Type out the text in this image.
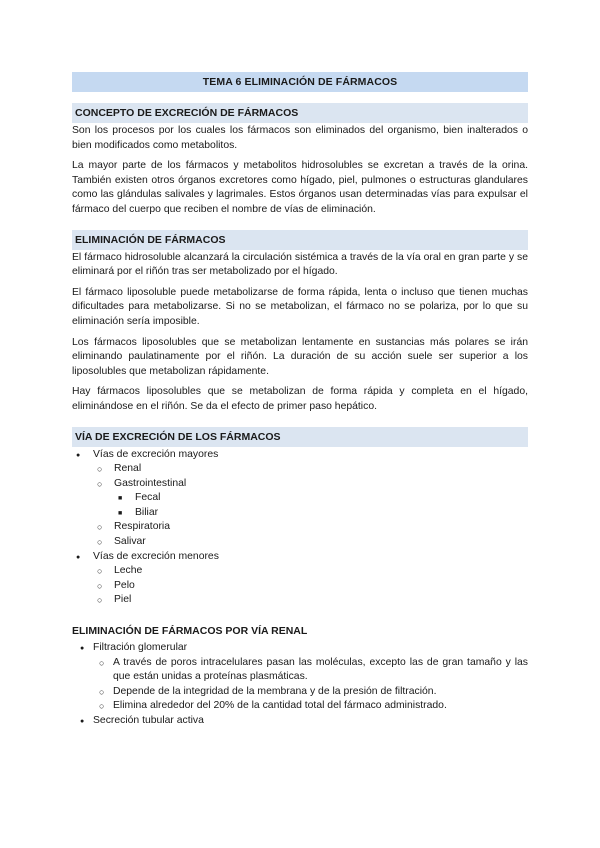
TEMA 6 ELIMINACIÓN DE FÁRMACOS
CONCEPTO DE EXCRECIÓN DE FÁRMACOS

Son los procesos por los cuales los fármacos son eliminados del organismo, bien inalterados o bien modificados como metabolitos.

La mayor parte de los fármacos y metabolitos hidrosolubles se excretan a través de la orina. También existen otros órganos excretores como hígado, piel, pulmones o estructuras glandulares como las glándulas salivales y lagrimales. Estos órganos usan determinadas vías para expulsar el fármaco del cuerpo que reciben el nombre de vías de eliminación.

ELIMINACIÓN DE FÁRMACOS

El fármaco hidrosoluble alcanzará la circulación sistémica a través de la vía oral en gran parte y se eliminará por el riñón tras ser metabolizado por el hígado.

El fármaco liposoluble puede metabolizarse de forma rápida, lenta o incluso que tienen muchas dificultades para metabolizarse. Si no se metabolizan, el fármaco no se polariza, por lo que su eliminación sería imposible.

Los fármacos liposolubles que se metabolizan lentamente en sustancias más polares se irán eliminando paulatinamente por el riñón. La duración de su acción suele ser superior a los liposolubles que metabolizan rápidamente.

Hay fármacos liposolubles que se metabolizan de forma rápida y completa en el hígado, eliminándose en el riñón. Se da el efecto de primer paso hepático.

VÍA DE EXCRECIÓN DE LOS FÁRMACOS
●
Vías de excreción mayores
○
Renal
○
Gastrointestinal
■
Fecal
■
Biliar
○
Respiratoria
○
Salivar
●
Vías de excreción menores
○
Leche
○
Pelo
○
Piel
ELIMINACIÓN DE FÁRMACOS POR VÍA RENAL
●
Filtración glomerular
○
A través de poros intracelulares pasan las moléculas, excepto las de gran tamaño y las que están unidas a proteínas plasmáticas.
○
Depende de la integridad de la membrana y de la presión de filtración.
○
Elimina alrededor del 20% de la cantidad total del fármaco administrado.
●
Secreción tubular activa
